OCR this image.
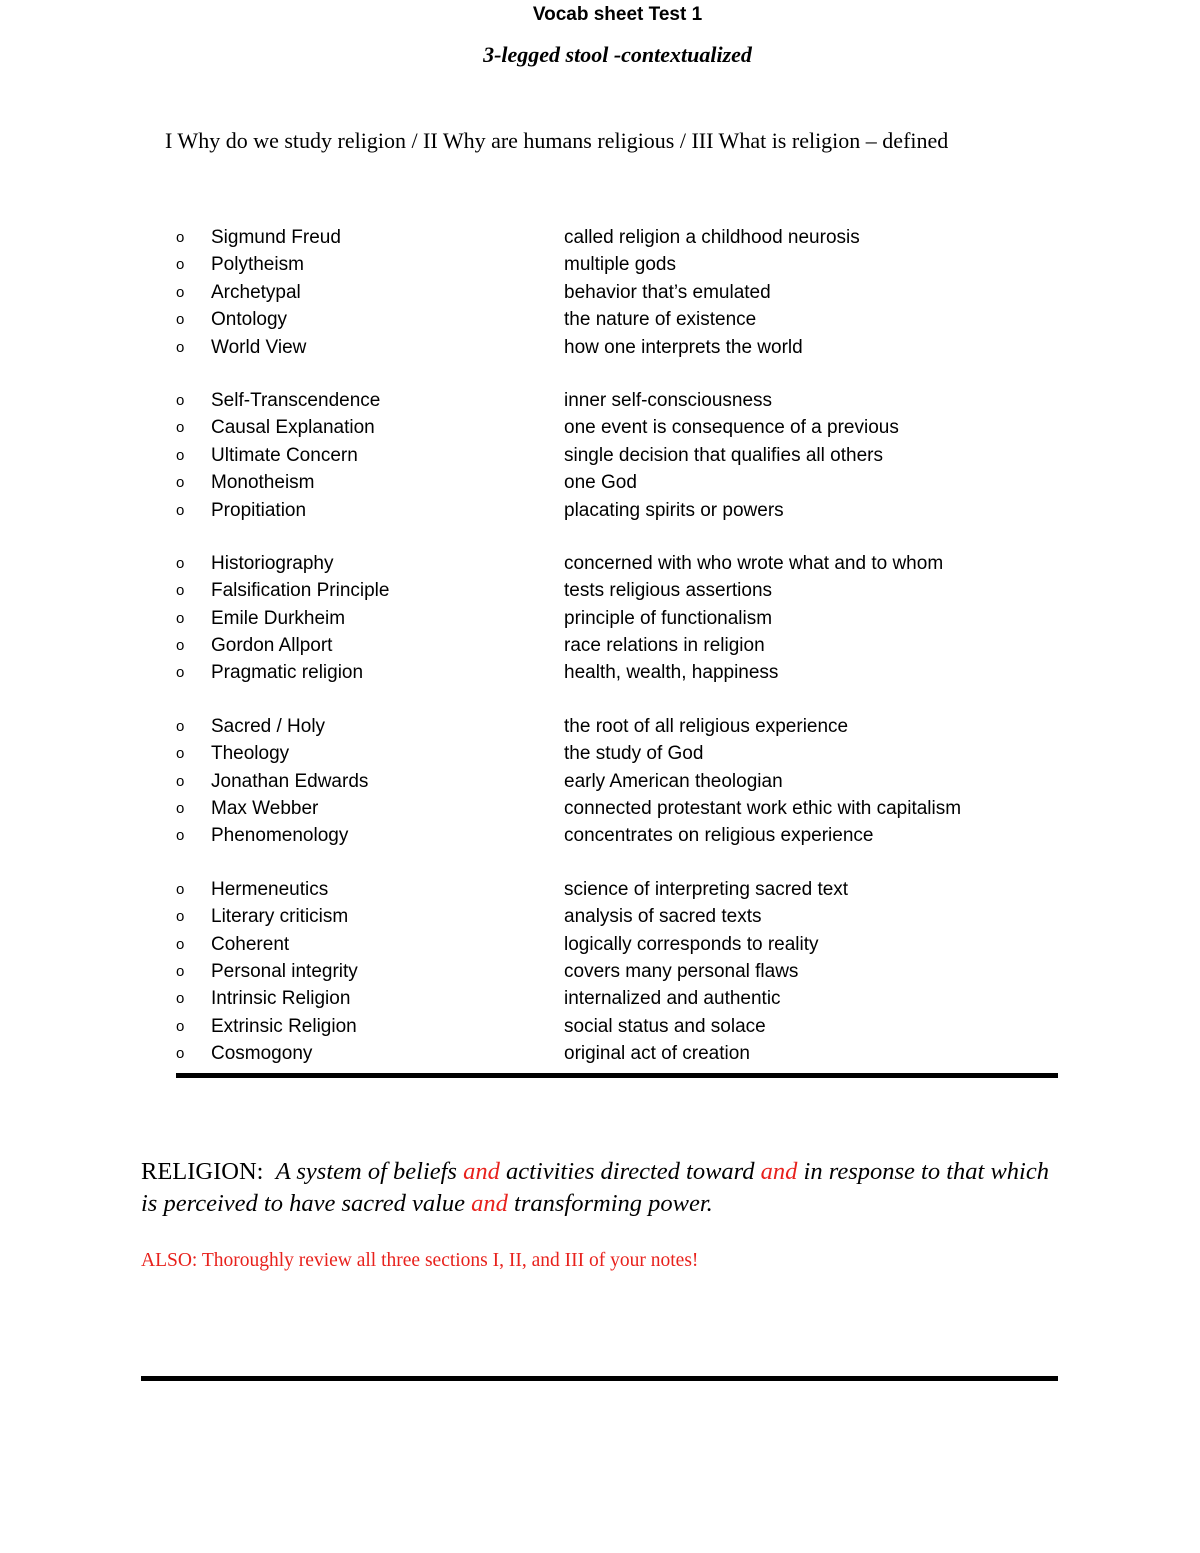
Vocab sheet Test 1
3-legged stool -contextualized
I Why do we study religion / II Why are humans religious / III What is religion – defined
o Sigmund Freud	called religion a childhood neurosis
o Polytheism	multiple gods
o Archetypal	behavior that’s emulated
o Ontology	the nature of existence
o World View	how one interprets the world
o Self-Transcendence	inner self-consciousness
o Causal Explanation	one event is consequence of a previous
o Ultimate Concern	single decision that qualifies all others
o Monotheism	one God
o Propitiation	placating spirits or powers
o Historiography	concerned with who wrote what and to whom
o Falsification Principle	tests religious assertions
o Emile Durkheim	principle of functionalism
o Gordon Allport	race relations in religion
o Pragmatic religion	health, wealth, happiness
o Sacred / Holy	the root of all religious experience
o Theology	the study of God
o Jonathan Edwards	early American theologian
o Max Webber	connected protestant work ethic with capitalism
o Phenomenology	concentrates on religious experience
o Hermeneutics	science of interpreting sacred text
o Literary criticism	analysis of sacred texts
o Coherent	logically corresponds to reality
o Personal integrity	covers many personal flaws
o Intrinsic Religion	internalized and authentic
o Extrinsic Religion	social status and solace
o Cosmogony	original act of creation
RELIGION: A system of beliefs and activities directed toward and in response to that which is perceived to have sacred value and transforming power.
ALSO: Thoroughly review all three sections I, II, and III of your notes!
